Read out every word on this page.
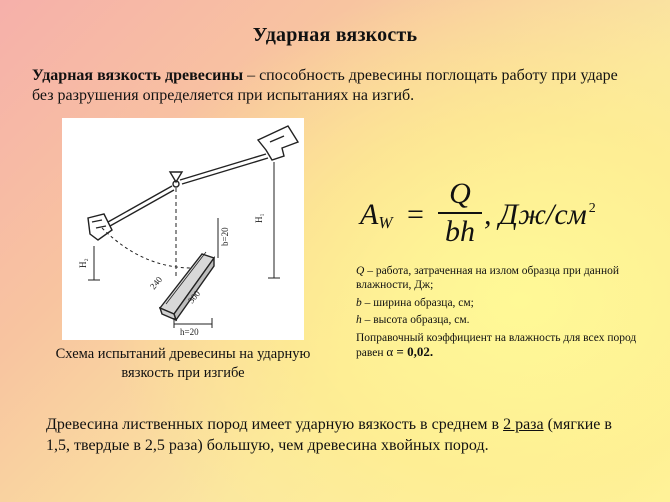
Ударная вязкость
Ударная вязкость древесины – способность древесины поглощать работу при ударе без разрушения определяется при испытаниях на изгиб.
H₁
H₂
b=20
240
300
h=20
Схема испытаний древесины на ударную вязкость при изгибе
$A_W$ =
Q
bh
, Дж/см $^2$

Q – работа, затраченная на излом образца при данной влажности, Дж;

b – ширина образца, см;

h – высота образца, см.

Поправочный коэффициент на влажность для всех пород равен α = 0,02.

Древесина лиственных пород имеет ударную вязкость в среднем в 2 раза (мягкие в 1,5, твердые в 2,5 раза) большую, чем древесина хвойных пород.
